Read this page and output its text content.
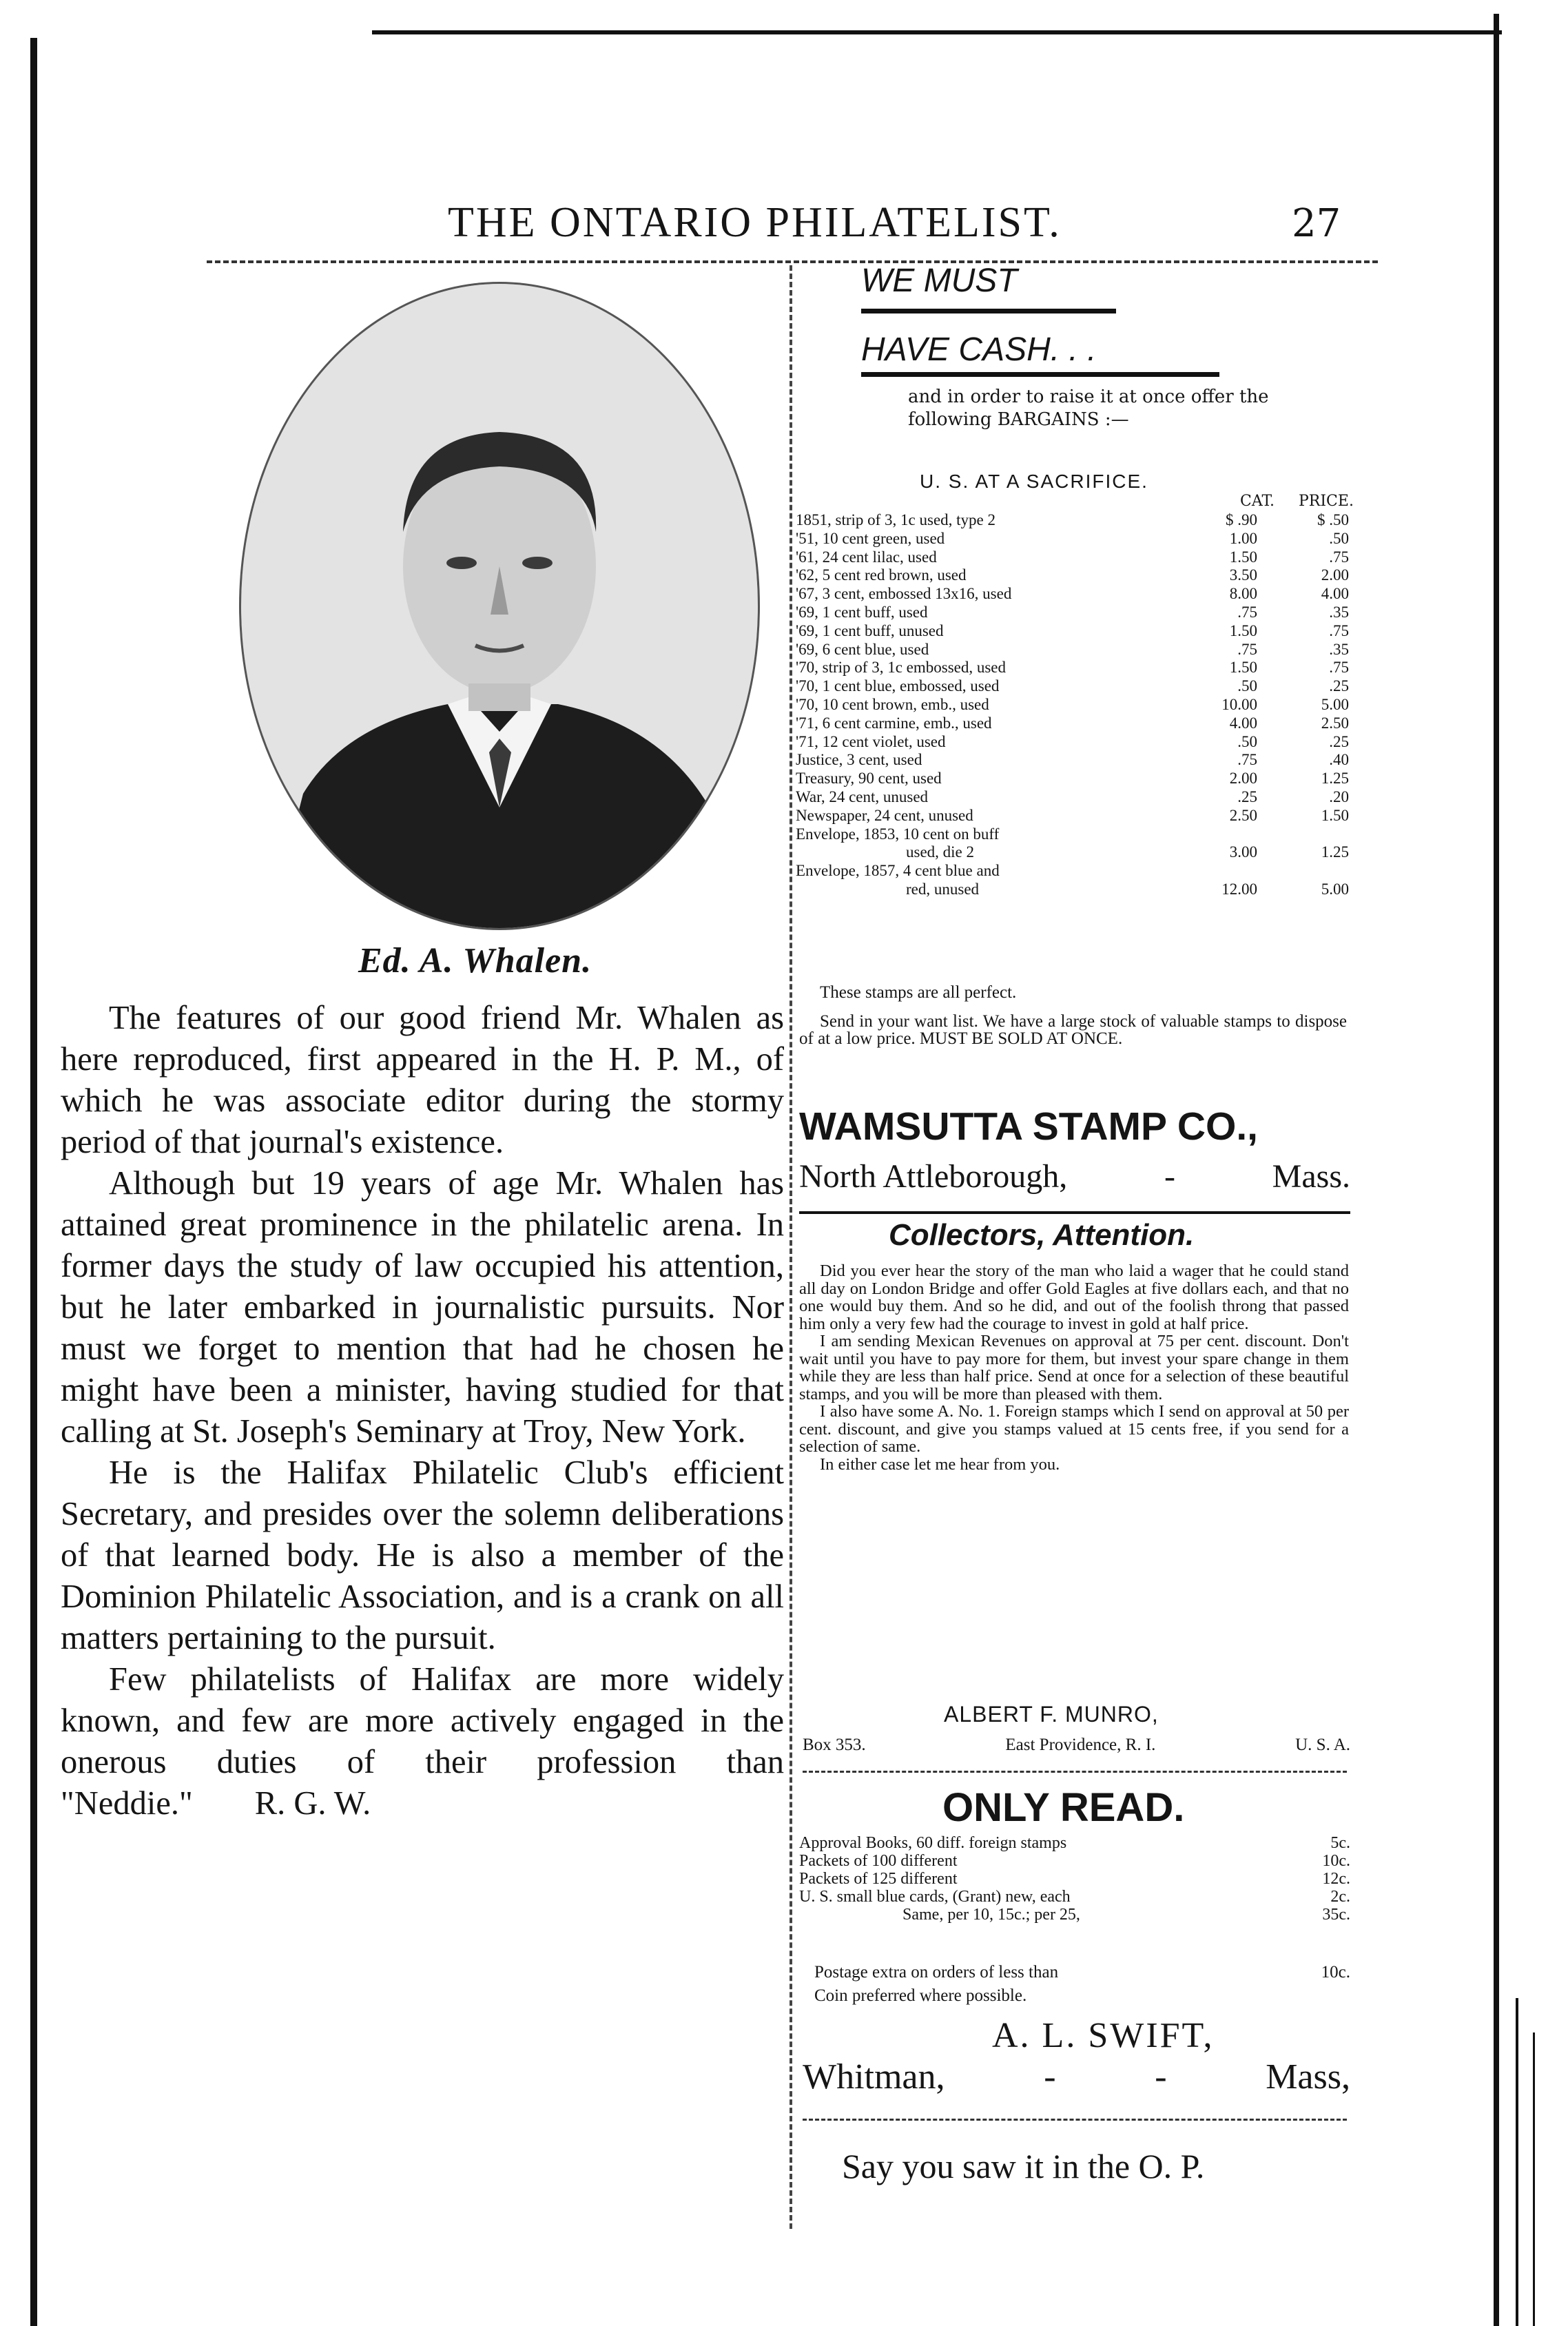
THE ONTARIO PHILATELIST.	27
Ed. A. Whalen.

The features of our good friend Mr. Whalen as here reproduced, first appeared in the H. P. M., of which he was associate editor during the stormy period of that journal's existence.

Although but 19 years of age Mr. Whalen has attained great prominence in the philatelic arena. In former days the study of law occupied his attention, but he later embarked in journalistic pursuits. Nor must we forget to mention that had he chosen he might have been a minister, having studied for that calling at St. Joseph's Seminary at Troy, New York.

He is the Halifax Philatelic Club's efficient Secretary, and presides over the solemn deliberations of that learned body. He is also a member of the Dominion Philatelic Association, and is a crank on all matters pertaining to the pursuit.

Few philatelists of Halifax are more widely known, and few are more actively engaged in the onerous duties of their profession than "Neddie." R. G. W.

WE MUST
HAVE CASH. . .
and in order to raise it at once offer the following BARGAINS :—
U. S. AT A SACRIFICE.
CAT. PRICE.
1851, strip of 3, 1c used, type 2	$ .90	$ .50
'51, 10 cent green, used	1.00	.50
'61, 24 cent lilac, used	1.50	.75
'62, 5 cent red brown, used	3.50	2.00
'67, 3 cent, embossed 13x16, used	8.00	4.00
'69, 1 cent buff, used	.75	.35
'69, 1 cent buff, unused	1.50	.75
'69, 6 cent blue, used	.75	.35
'70, strip of 3, 1c embossed, used	1.50	.75
'70, 1 cent blue, embossed, used	.50	.25
'70, 10 cent brown, emb., used	10.00	5.00
'71, 6 cent carmine, emb., used	4.00	2.50
'71, 12 cent violet, used	.50	.25
Justice, 3 cent, used	.75	.40
Treasury, 90 cent, used	2.00	1.25
War, 24 cent, unused	.25	.20
Newspaper, 24 cent, unused	2.50	1.50
Envelope, 1853, 10 cent on buff
used, die 2	3.00	1.25
Envelope, 1857, 4 cent blue and
red, unused	12.00	5.00
These stamps are all perfect.
Send in your want list. We have a large stock of valuable stamps to dispose of at a low price. MUST BE SOLD AT ONCE.
WAMSUTTA STAMP CO.,
North Attleborough,	-	Mass.
Collectors, Attention.

Did you ever hear the story of the man who laid a wager that he could stand all day on London Bridge and offer Gold Eagles at five dollars each, and that no one would buy them. And so he did, and out of the foolish throng that passed him only a very few had the courage to invest in gold at half price.

I am sending Mexican Revenues on approval at 75 per cent. discount. Don't wait until you have to pay more for them, but invest your spare change in them while they are less than half price. Send at once for a selection of these beautiful stamps, and you will be more than pleased with them.

I also have some A. No. 1. Foreign stamps which I send on approval at 50 per cent. discount, and give you stamps valued at 15 cents free, if you send for a selection of same.

In either case let me hear from you.

ALBERT F. MUNRO,
Box 353.	East Providence, R. I.	U. S. A.
ONLY READ.
Approval Books, 60 diff. foreign stamps	5c.
Packets of 100 different	10c.
Packets of 125 different	12c.
U. S. small blue cards, (Grant) new, each	2c.
Same, per 10, 15c.; per 25,	35c.
Postage extra on orders of less than	10c.
Coin preferred where possible.
A. L. SWIFT,
Whitman,	-	-	Mass,
Say you saw it in the O. P.
